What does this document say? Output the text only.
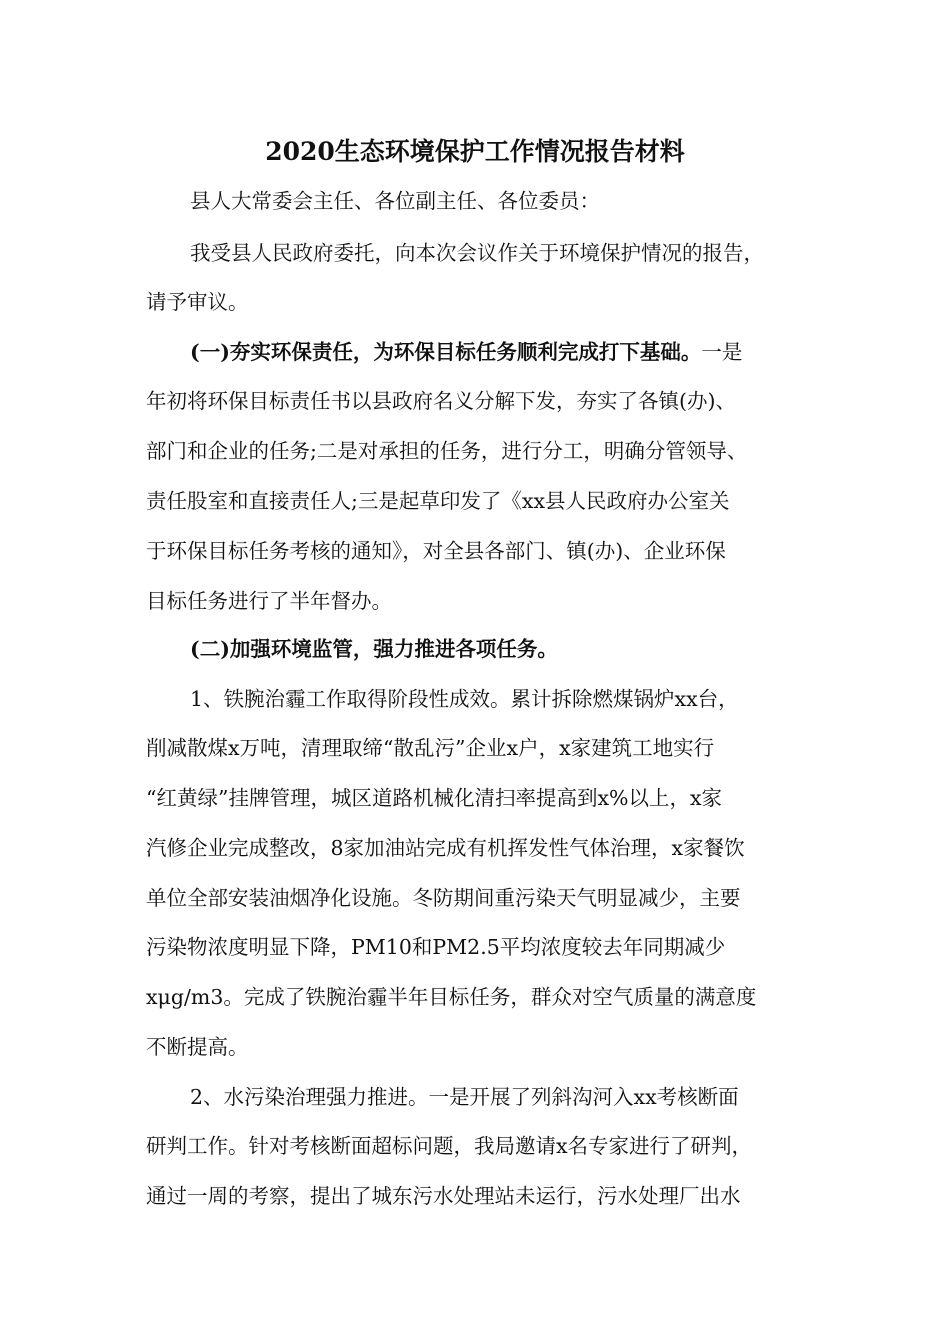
2020生态环境保护工作情况报告材料
县人大常委会主任、各位副主任、各位委员：
我受县人民政府委托，向本次会议作关于环境保护情况的报告，
请予审议。
(一)夯实环保责任，为环保目标任务顺利完成打下基础。一是
年初将环保目标责任书以县政府名义分解下发，夯实了各镇(办)、
部门和企业的任务;二是对承担的任务，进行分工，明确分管领导、
责任股室和直接责任人;三是起草印发了《xx县人民政府办公室关
于环保目标任务考核的通知》，对全县各部门、镇(办)、企业环保
目标任务进行了半年督办。
(二)加强环境监管，强力推进各项任务。
1、铁腕治霾工作取得阶段性成效。累计拆除燃煤锅炉xx台，
削减散煤x万吨，清理取缔“散乱污”企业x户，x家建筑工地实行
“红黄绿”挂牌管理，城区道路机械化清扫率提高到x%以上，x家
汽修企业完成整改，8家加油站完成有机挥发性气体治理，x家餐饮
单位全部安装油烟净化设施。冬防期间重污染天气明显减少，主要
污染物浓度明显下降，PM10和PM2.5平均浓度较去年同期减少
xμg/m3。完成了铁腕治霾半年目标任务，群众对空气质量的满意度
不断提高。
2、水污染治理强力推进。一是开展了列斜沟河入xx考核断面
研判工作。针对考核断面超标问题，我局邀请x名专家进行了研判，
通过一周的考察，提出了城东污水处理站未运行，污水处理厂出水
